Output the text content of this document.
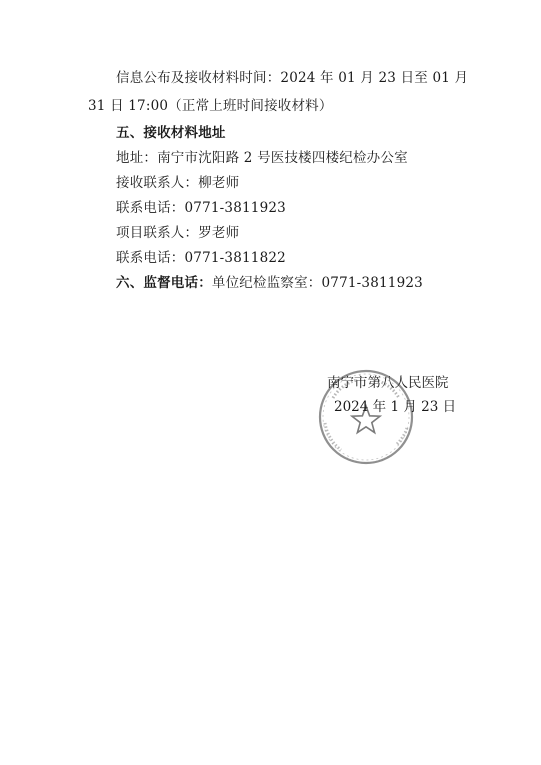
信息公布及接收材料时间：2024 年 01 月 23 日至 01 月
31 日 17:00（正常上班时间接收材料）
五、接收材料地址
地址：南宁市沈阳路 2 号医技楼四楼纪检办公室
接收联系人：柳老师
联系电话：0771-3811923
项目联系人：罗老师
联系电话：0771-3811822
六、监督电话：单位纪检监察室：0771-3811923
南宁市第八人民医院
2024 年 1 月 23 日
